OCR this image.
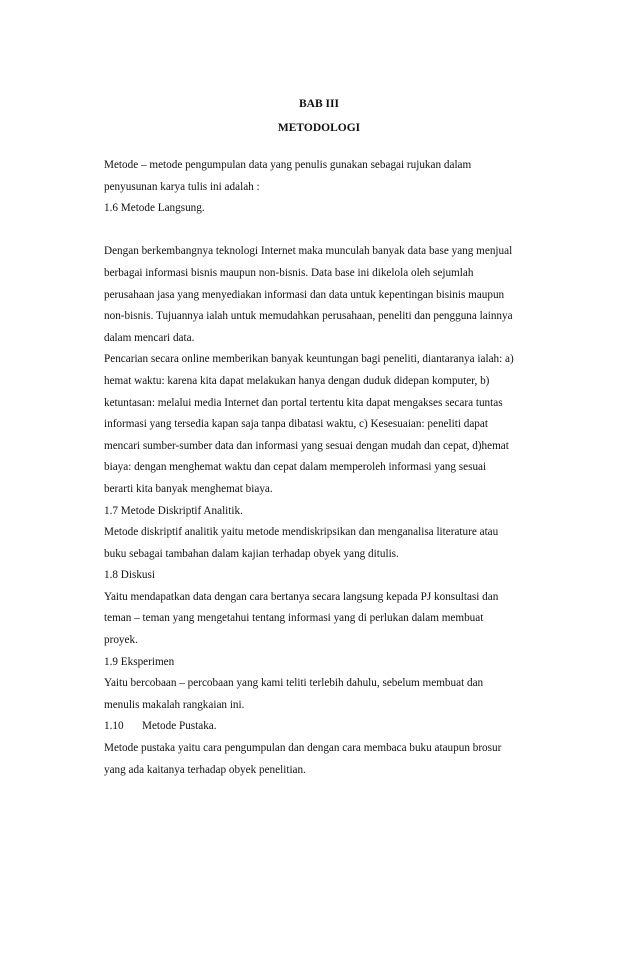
BAB III
METODOLOGI
Metode – metode pengumpulan data yang penulis gunakan sebagai rujukan dalam
penyusunan karya tulis ini adalah :
1.6 Metode Langsung.
Dengan berkembangnya teknologi Internet maka munculah banyak data base yang menjual
berbagai informasi bisnis maupun non-bisnis. Data base ini dikelola oleh sejumlah
perusahaan jasa yang menyediakan informasi dan data untuk kepentingan bisinis maupun
non-bisnis. Tujuannya ialah untuk memudahkan perusahaan, peneliti dan pengguna lainnya
dalam mencari data.
Pencarian secara online memberikan banyak keuntungan bagi peneliti, diantaranya ialah: a)
hemat waktu: karena kita dapat melakukan hanya dengan duduk didepan komputer, b)
ketuntasan: melalui media Internet dan portal tertentu kita dapat mengakses secara tuntas
informasi yang tersedia kapan saja tanpa dibatasi waktu, c) Kesesuaian: peneliti dapat
mencari sumber-sumber data dan informasi yang sesuai dengan mudah dan cepat, d)hemat
biaya: dengan menghemat waktu dan cepat dalam memperoleh informasi yang sesuai
berarti kita banyak menghemat biaya.
1.7 Metode Diskriptif Analitik.
Metode diskriptif analitik yaitu metode mendiskripsikan dan menganalisa literature atau
buku sebagai tambahan dalam kajian terhadap obyek yang ditulis.
1.8 Diskusi
Yaitu mendapatkan data dengan cara bertanya secara langsung kepada PJ konsultasi dan
teman – teman yang mengetahui tentang informasi yang di perlukan dalam membuat
proyek.
1.9 Eksperimen
Yaitu bercobaan – percobaan yang kami teliti terlebih dahulu, sebelum membuat dan
menulis makalah rangkaian ini.
1.10 Metode Pustaka.
Metode pustaka yaitu cara pengumpulan dan dengan cara membaca buku ataupun brosur
yang ada kaitanya terhadap obyek penelitian.
